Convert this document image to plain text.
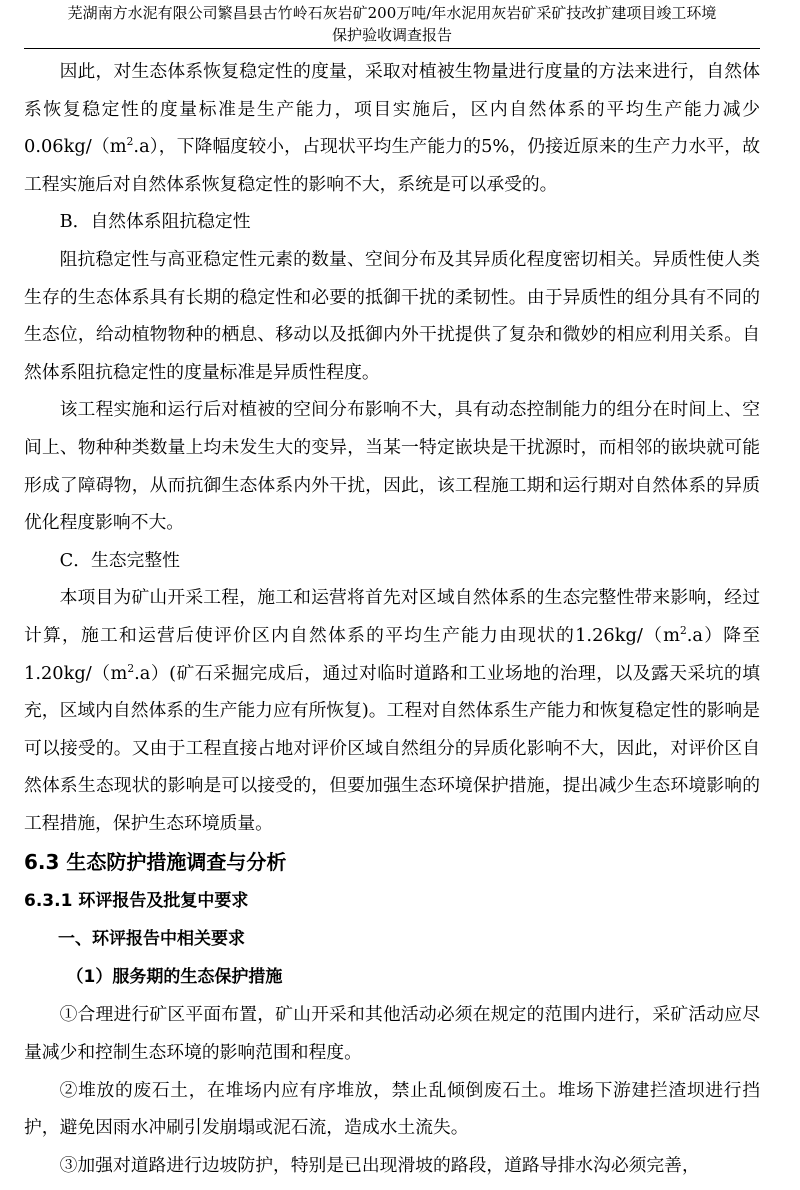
芜湖南方水泥有限公司繁昌县古竹岭石灰岩矿200万吨/年水泥用灰岩矿采矿技改扩建项目竣工环境
保护验收调查报告

因此，对生态体系恢复稳定性的度量，采取对植被生物量进行度量的方法来进行，自然体系恢复稳定性的度量标准是生产能力，项目实施后，区内自然体系的平均生产能力减少$0.06kg/(m^2.a)$，下降幅度较小，占现状平均生产能力的5%，仍接近原来的生产力水平，故工程实施后对自然体系恢复稳定性的影响不大，系统是可以承受的。

B．自然体系阻抗稳定性

阻抗稳定性与高亚稳定性元素的数量、空间分布及其异质化程度密切相关。异质性使人类生存的生态体系具有长期的稳定性和必要的抵御干扰的柔韧性。由于异质性的组分具有不同的生态位，给动植物物种的栖息、移动以及抵御内外干扰提供了复杂和微妙的相应利用关系。自然体系阻抗稳定性的度量标准是异质性程度。

该工程实施和运行后对植被的空间分布影响不大，具有动态控制能力的组分在时间上、空间上、物种种类数量上均未发生大的变异，当某一特定嵌块是干扰源时，而相邻的嵌块就可能形成了障碍物，从而抗御生态体系内外干扰，因此，该工程施工期和运行期对自然体系的异质优化程度影响不大。

C．生态完整性

本项目为矿山开采工程，施工和运营将首先对区域自然体系的生态完整性带来影响，经过计算，施工和运营后使评价区内自然体系的平均生产能力由现状的$1.26kg/(m^2.a)$降至$1.20kg/(m^2.a)$(矿石采掘完成后，通过对临时道路和工业场地的治理，以及露天采坑的填充，区域内自然体系的生产能力应有所恢复)。工程对自然体系生产能力和恢复稳定性的影响是可以接受的。又由于工程直接占地对评价区域自然组分的异质化影响不大，因此，对评价区自然体系生态现状的影响是可以接受的，但要加强生态环境保护措施，提出减少生态环境影响的工程措施，保护生态环境质量。

6.3 生态防护措施调查与分析
6.3.1 环评报告及批复中要求
一、环评报告中相关要求
（1）服务期的生态保护措施

①合理进行矿区平面布置，矿山开采和其他活动必须在规定的范围内进行，采矿活动应尽量减少和控制生态环境的影响范围和程度。

②堆放的废石土，在堆场内应有序堆放，禁止乱倾倒废石土。堆场下游建拦渣坝进行挡护，避免因雨水冲刷引发崩塌或泥石流，造成水土流失。

③加强对道路进行边坡防护，特别是已出现滑坡的路段，道路导排水沟必须完善，
